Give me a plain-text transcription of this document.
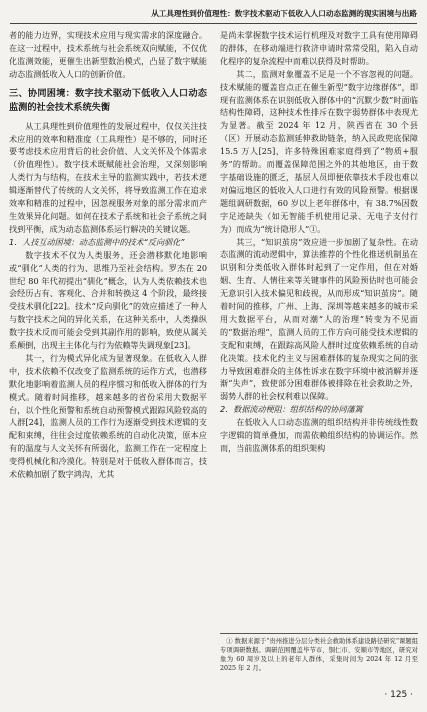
从工具理性到价值理性：数字技术驱动下低收入人口动态监测的现实困境与出路

者的能力边界，实现技术应用与现实需求的深度融合。在这一过程中，技术系统与社会系统双向赋能，不仅优化监测效能，更催生出新型数治模式，凸显了数字赋能动态监测低收入人口的创新价值。

三、协同困境：数字技术驱动下低收入人口动态监测的社会技术系统失衡

从工具理性到价值理性的发展过程中，仅仅关注技术应用的效率和精准度（工具理性）是不够的，同时还要考虑技术应用背后的社会价值、人文关怀及个体需求（价值理性）。数字技术既赋能社会治理，又深刻影响人类行为与结构，在技术主导的监测实践中，若技术逻辑逐渐替代了传统的人文关怀，将导致监测工作在追求效率和精准的过程中，因忽视服务对象的部分需求而产生效果异化问题。如何在技术子系统和社会子系统之间找到平衡，成为动态监测体系运行解决的关键议题。

1．人技互动困境：动态监测中的技术“反向驯化”

数字技术不仅为人类服务，还会潜移默化地影响或“驯化”人类的行为、思维乃至社会结构。罗杰在 20 世纪 80 年代初提出“驯化”概念，认为人类依赖技术也会经历占有、客观化、合并和转换这 4 个阶段，最终接受技术驯化[22]。技术“反向驯化”的效应描述了一种人与数字技术之间的异化关系，在这种关系中，人类操纵数字技术反而可能会受到其副作用的影响，致使从属关系颠倒，出现主主体化与行为依赖等失调现象[23]。

其一，行为模式异化成为显著现象。在低收入人群中，技术依赖不仅改变了监测系统的运作方式，也潜移默化地影响着监测人员的程序惯习和低收入群体的行为模式。随着时间推移，越来越多的省份采用大数据平台，以个性化预警和系统自动预警模式跟踪风险较高的人群[24]，监测人员的工作行为逐渐受到技术逻辑的支配和束缚，往往会过度依赖系统的自动化决策，原本应有的温度与人文关怀有所弱化，监测工作在一定程度上变得机械化和冷漠化。特别是对于低收入群体而言，技术依赖加剧了数字鸿沟，尤其

是尚未掌握数字技术运行机理及对数字工具有使用障碍的群体，在移动端进行救济申请时常常受阻，陷入自动化程序的复杂流程中而难以获得及时帮助。

其二，监测对象覆盖不足是一个不容忽视的问题。技术赋能的覆盖盲点正在催生新型“数字边缘群体”，即现有监测体系在识别低收入群体中的“沉默少数”时面临结构性障碍，这种技术性排斥在数字弱势群体中表现尤为显著。截至 2024 年 12 月，陕西省在 30 个县（区）开展动态监测延伸救助链条，纳入民政兜底保障 15.5 万人[25]，许多特殊困难家庭得到了“物质+服务”的帮助。而覆盖保障范围之外的其他地区，由于数字基础设施的匮乏，基层人员即便依靠技术手段也难以对偏远地区的低收入人口进行有效的风险预警。根据课题组调研数据，60 岁以上老年群体中，有 38.7%因数字足迹缺失（如无智能手机使用记录、无电子支付行为）而成为“统计隐形人”①。

其三，“知识茧房”效应进一步加剧了复杂性。在动态监测的流动逻辑中，算法推荐的个性化推送机制虽在识别和分类低收入群体时起到了一定作用，但在对婚姻、生育、人情往来等关键事件的风险预估时也可能会无意识引入技术偏见和歧视，从而形成“知识茧房”。随着时间的推移，广州、上海、深圳等越来越多的城市采用大数据平台，从而对潮“人的治理”转变为不见面的“数据治理”，监测人员的工作方向可能受技术逻辑的支配和束缚，在跟踪高风险人群时过度依赖系统的自动化决策。技术化约主义与困难群体的复杂现实之间的张力导致困难群众的主体性诉求在数字环境中被消解并逐渐“失声”，致使部分困难群体被排除在社会救助之外，弱势人群的社会权利难以保障。

2．数据流动梗阻：组织结构的协同藩篱

在低收入人口动态监测的组织结构并非传统线性数字逻辑的简单叠加，而需依赖组织结构的协调运作。然而，当前监测体系的组织架构

① 数据来源于“贵州推进分层分类社会救助体系建设路径研究”课题组专项调研数据。调研范围覆盖毕节市、铜仁市、安顺市等地区，研究对象为 60 周岁及以上的老年人群体，采集时间为 2024 年 12 月至 2025 年 2 月。

· 125 ·
